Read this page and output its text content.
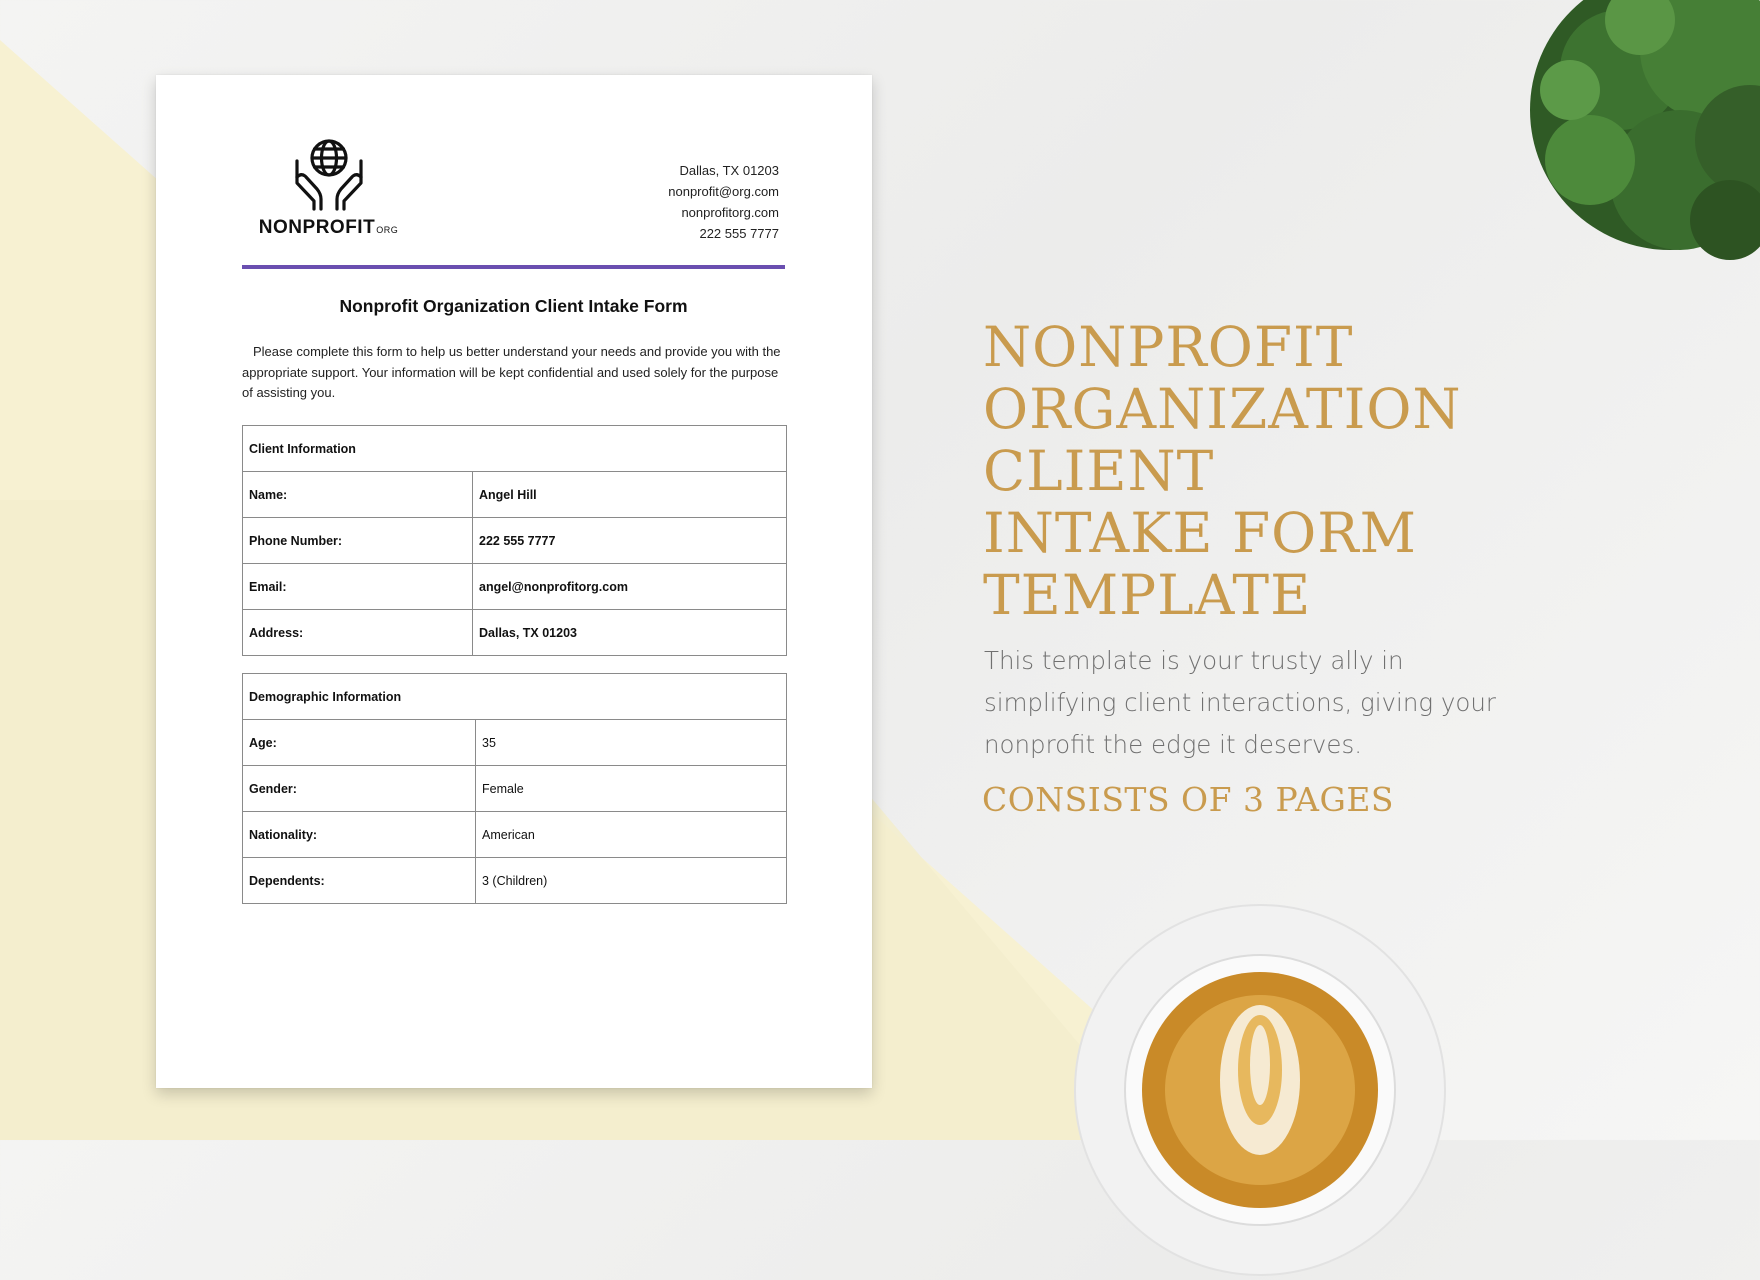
NONPROFITORG
Dallas, TX 01203
nonprofit@org.com
nonprofitorg.com
222 555 7777
Nonprofit Organization Client Intake Form
Please complete this form to help us better understand your needs and provide you with the appropriate support. Your information will be kept confidential and used solely for the purpose of assisting you.
Client Information	
Name:	Angel Hill
Phone Number:	222 555 7777
Email:	angel@nonprofitorg.com
Address:	Dallas, TX 01203
Demographic Information	
Age:	35
Gender:	Female
Nationality:	American
Dependents:	3 (Children)
NONPROFIT
ORGANIZATION
CLIENT
INTAKE FORM
TEMPLATE
This template is your trusty ally in simplifying client interactions, giving your nonprofit the edge it deserves.
CONSISTS OF 3 PAGES
